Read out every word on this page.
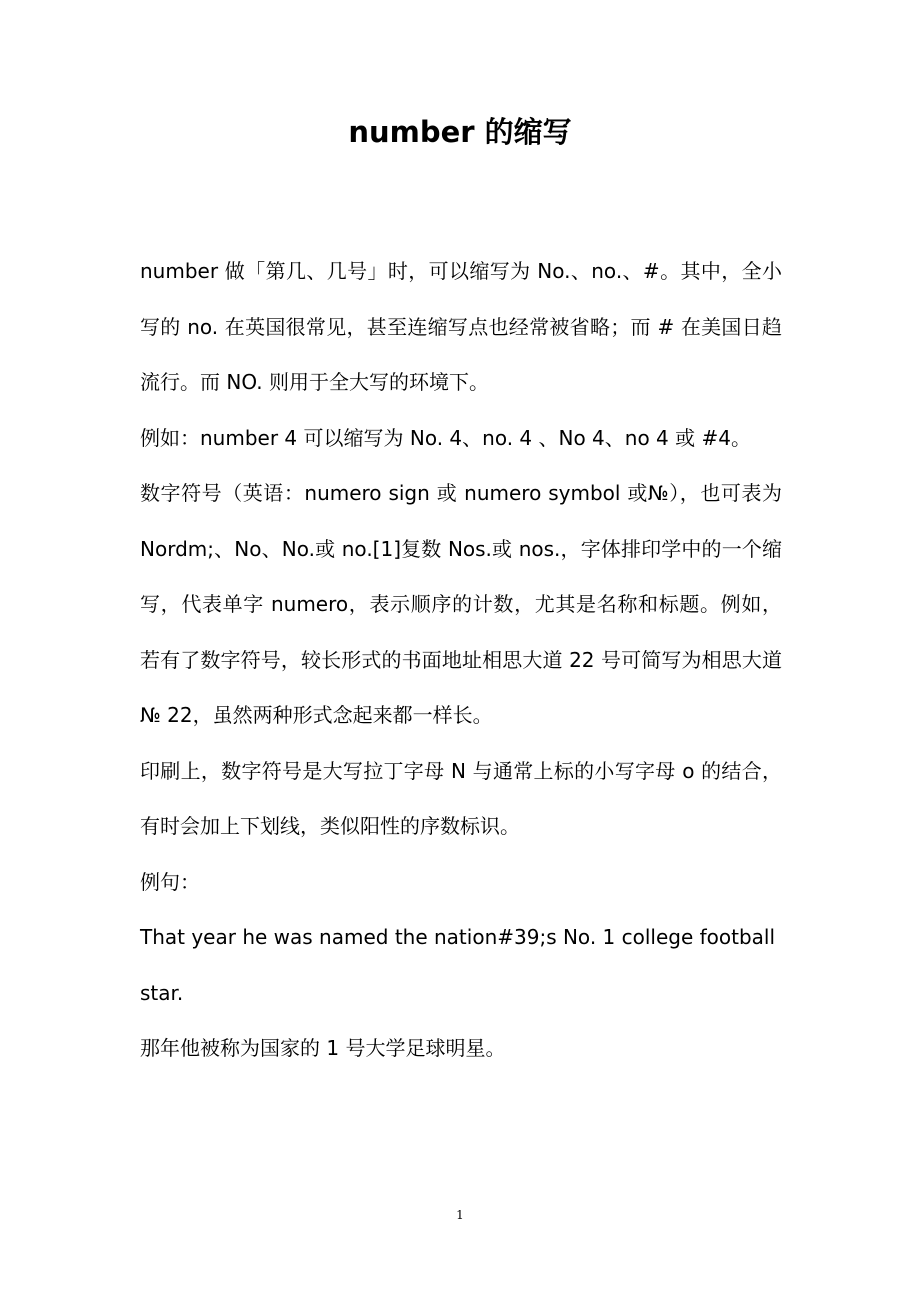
number 的缩写

number 做「第几、几号」时，可以缩写为 No.、no.、#。其中，全小写的 no. 在英国很常见，甚至连缩写点也经常被省略；而 # 在美国日趋流行。而 NO. 则用于全大写的环境下。

例如：number 4 可以缩写为 No. 4、no. 4 、No 4、no 4 或 #4。

数字符号（英语：numero sign 或 numero symbol 或№），也可表为Nordm;、No、No.或 no.[1]复数 Nos.或 nos.，字体排印学中的一个缩写，代表单字 numero，表示顺序的计数，尤其是名称和标题。例如，若有了数字符号，较长形式的书面地址相思大道 22 号可简写为相思大道№ 22，虽然两种形式念起来都一样长。

印刷上，数字符号是大写拉丁字母 N 与通常上标的小写字母 o 的结合，有时会加上下划线，类似阳性的序数标识。

例句：

That year he was named the nation#39;s No. 1 college football star.

那年他被称为国家的 1 号大学足球明星。

1
